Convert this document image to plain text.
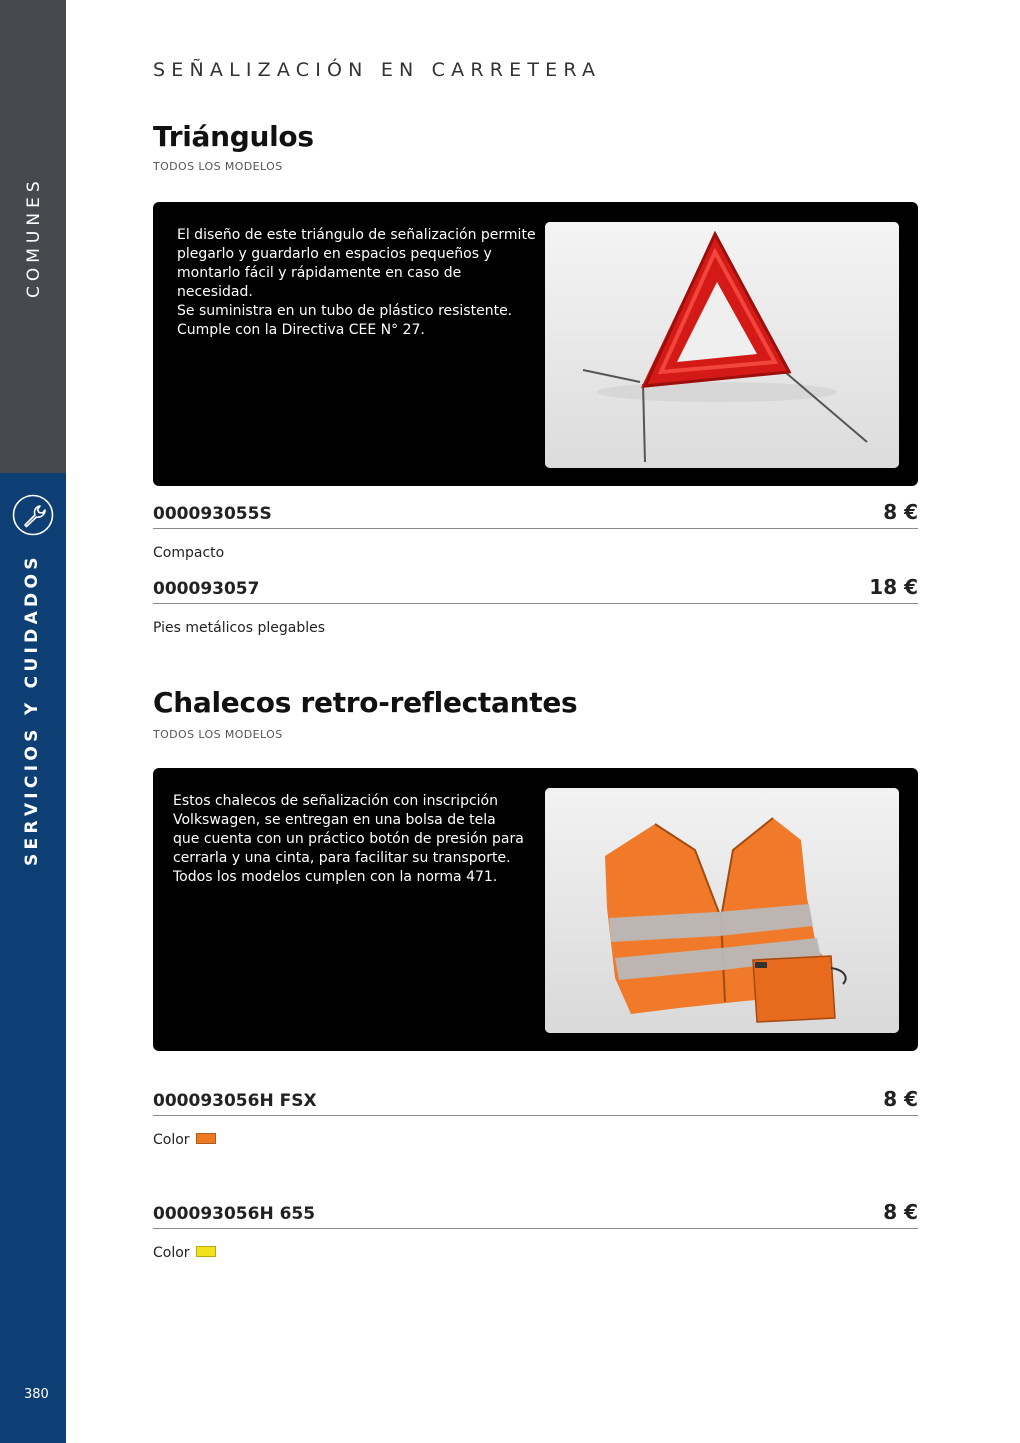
COMUNES
SERVICIOS Y CUIDADOS
380
SEÑALIZACIÓN EN CARRETERA
Triángulos
TODOS LOS MODELOS
El diseño de este triángulo de señalización permite
plegarlo y guardarlo en espacios pequeños y
montarlo fácil y rápidamente en caso de necesidad.
Se suministra en un tubo de plástico resistente.
Cumple con la Directiva CEE N° 27.
000093055S	8 €
Compacto
000093057	18 €
Pies metálicos plegables
Chalecos retro-reflectantes
TODOS LOS MODELOS
Estos chalecos de señalización con inscripción
Volkswagen, se entregan en una bolsa de tela
que cuenta con un práctico botón de presión para
cerrarla y una cinta, para facilitar su transporte.
Todos los modelos cumplen con la norma 471.
000093056H FSX	8 €
Color
000093056H 655	8 €
Color
